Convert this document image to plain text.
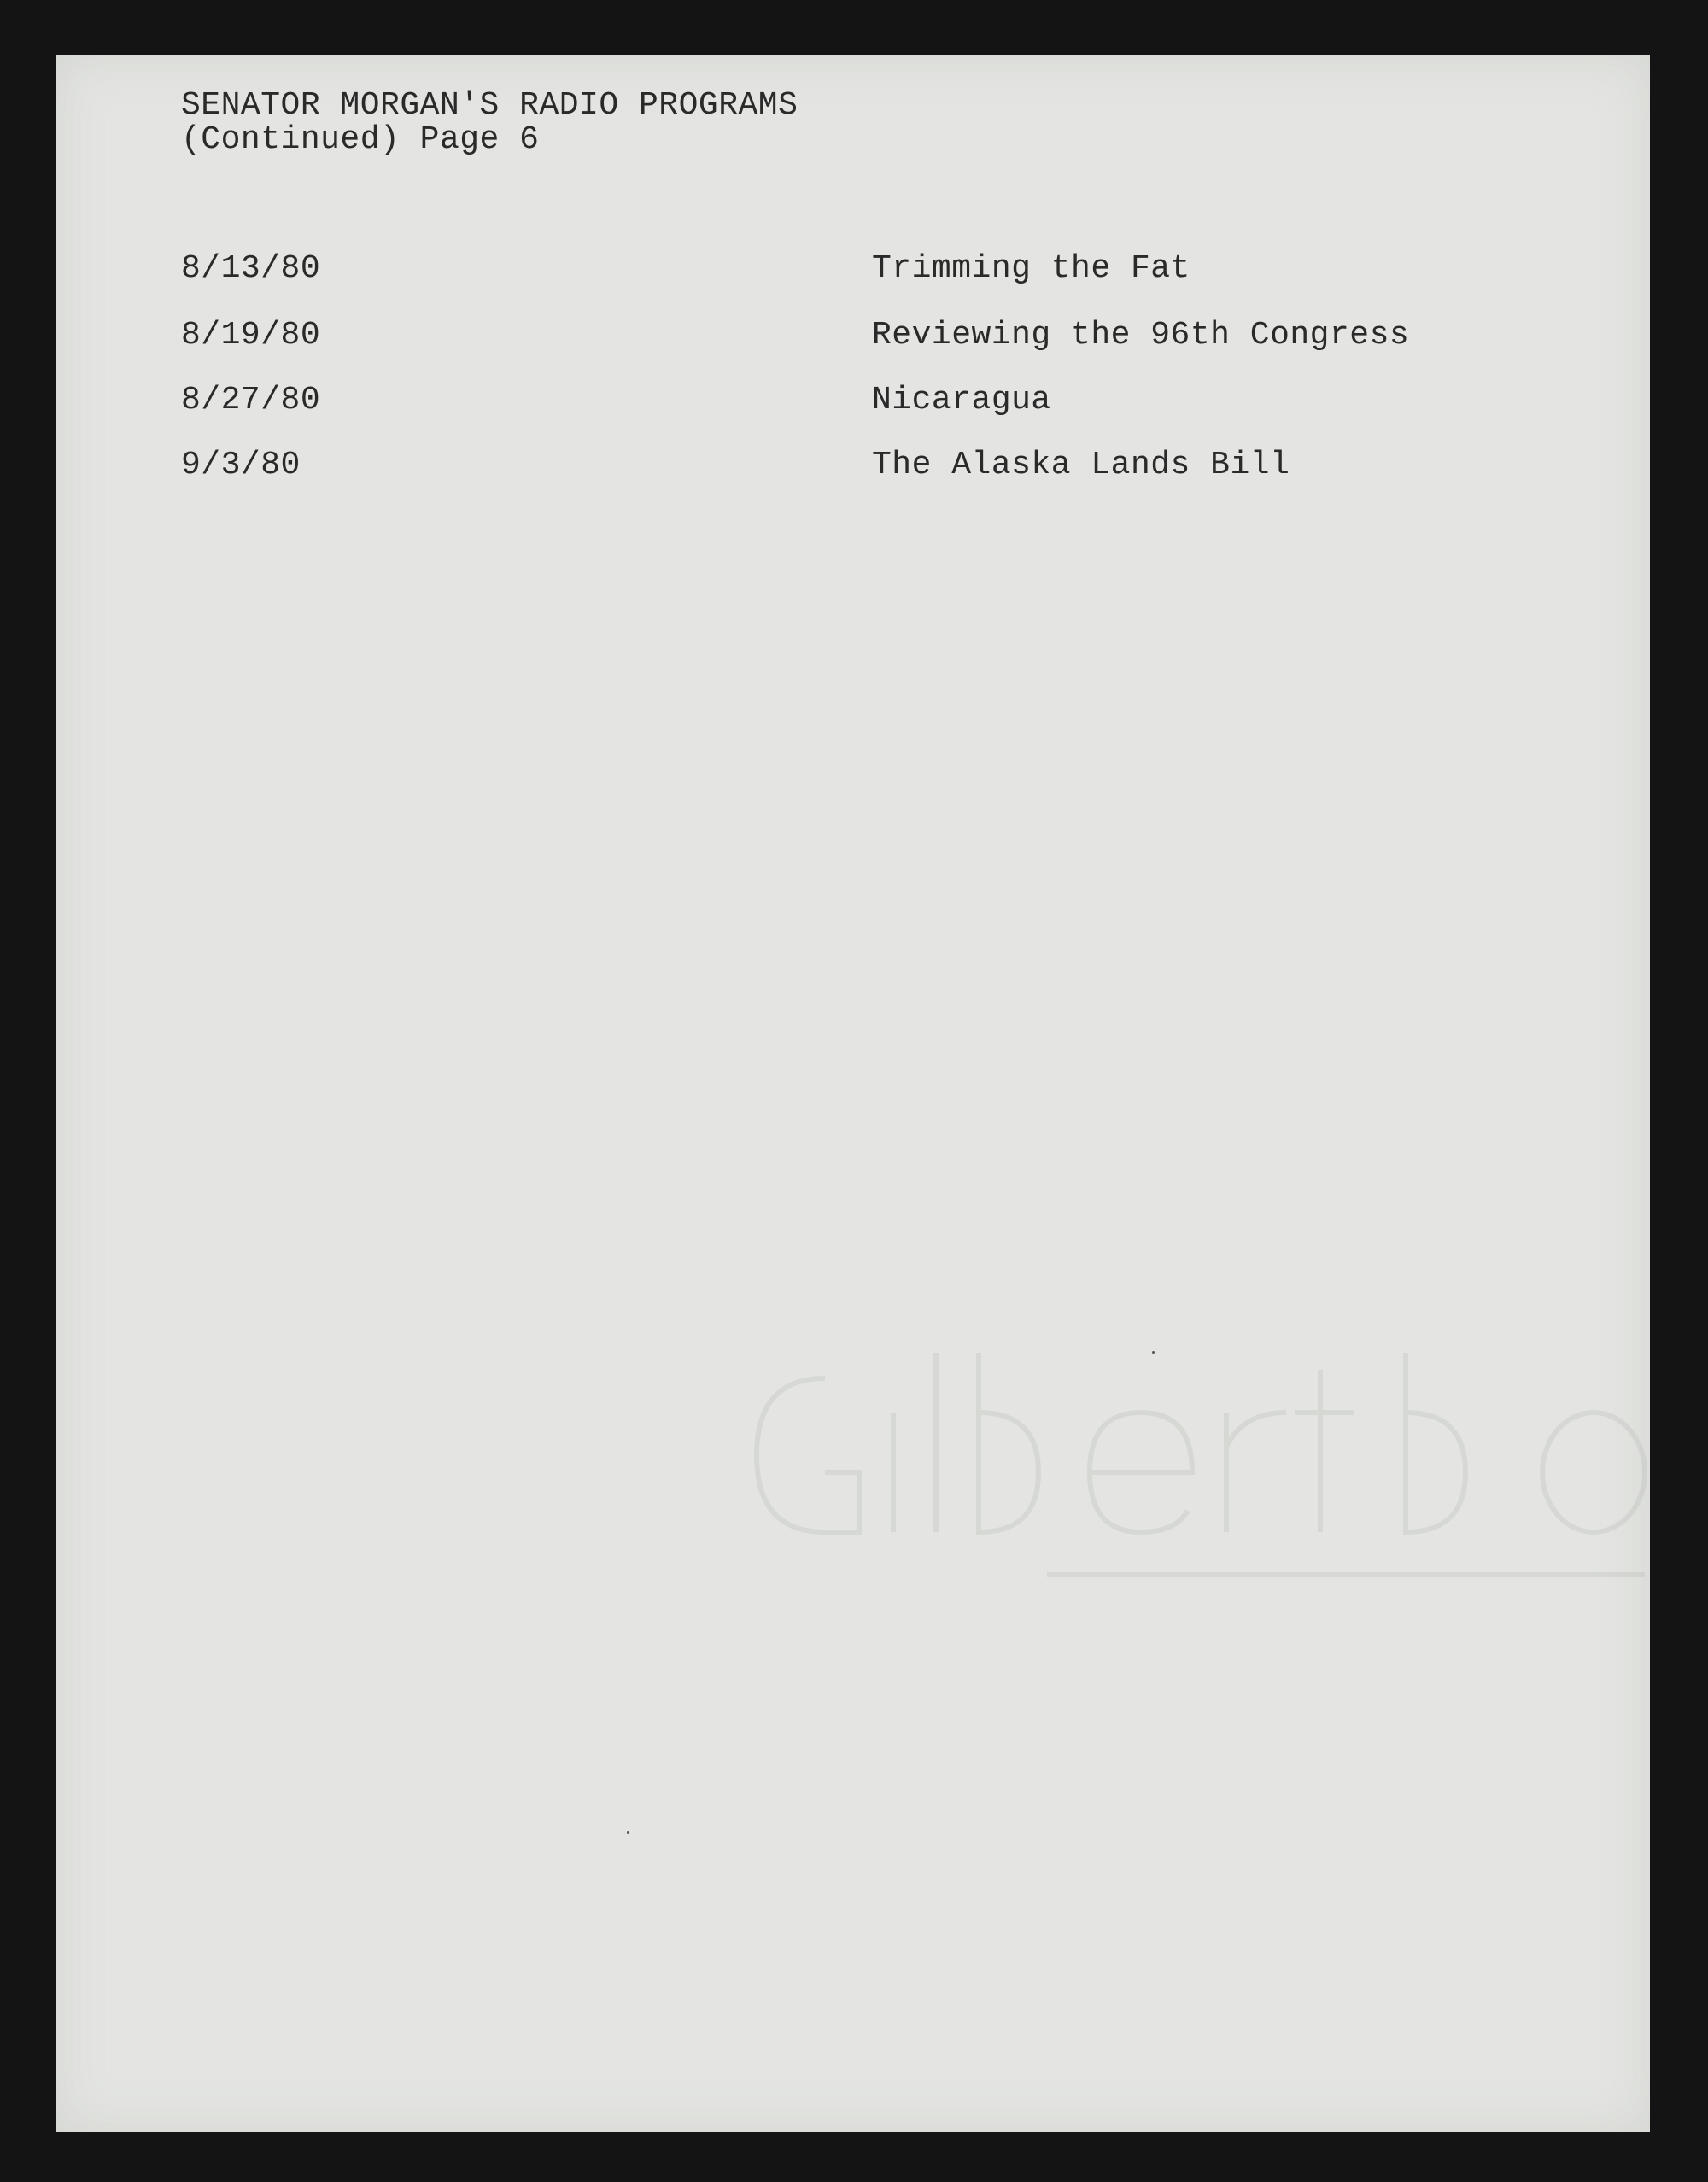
SENATOR MORGAN'S RADIO PROGRAMS
(Continued) Page 6
8/13/80	Trimming the Fat
8/19/80	Reviewing the 96th Congress
8/27/80	Nicaragua
9/3/80	The Alaska Lands Bill
